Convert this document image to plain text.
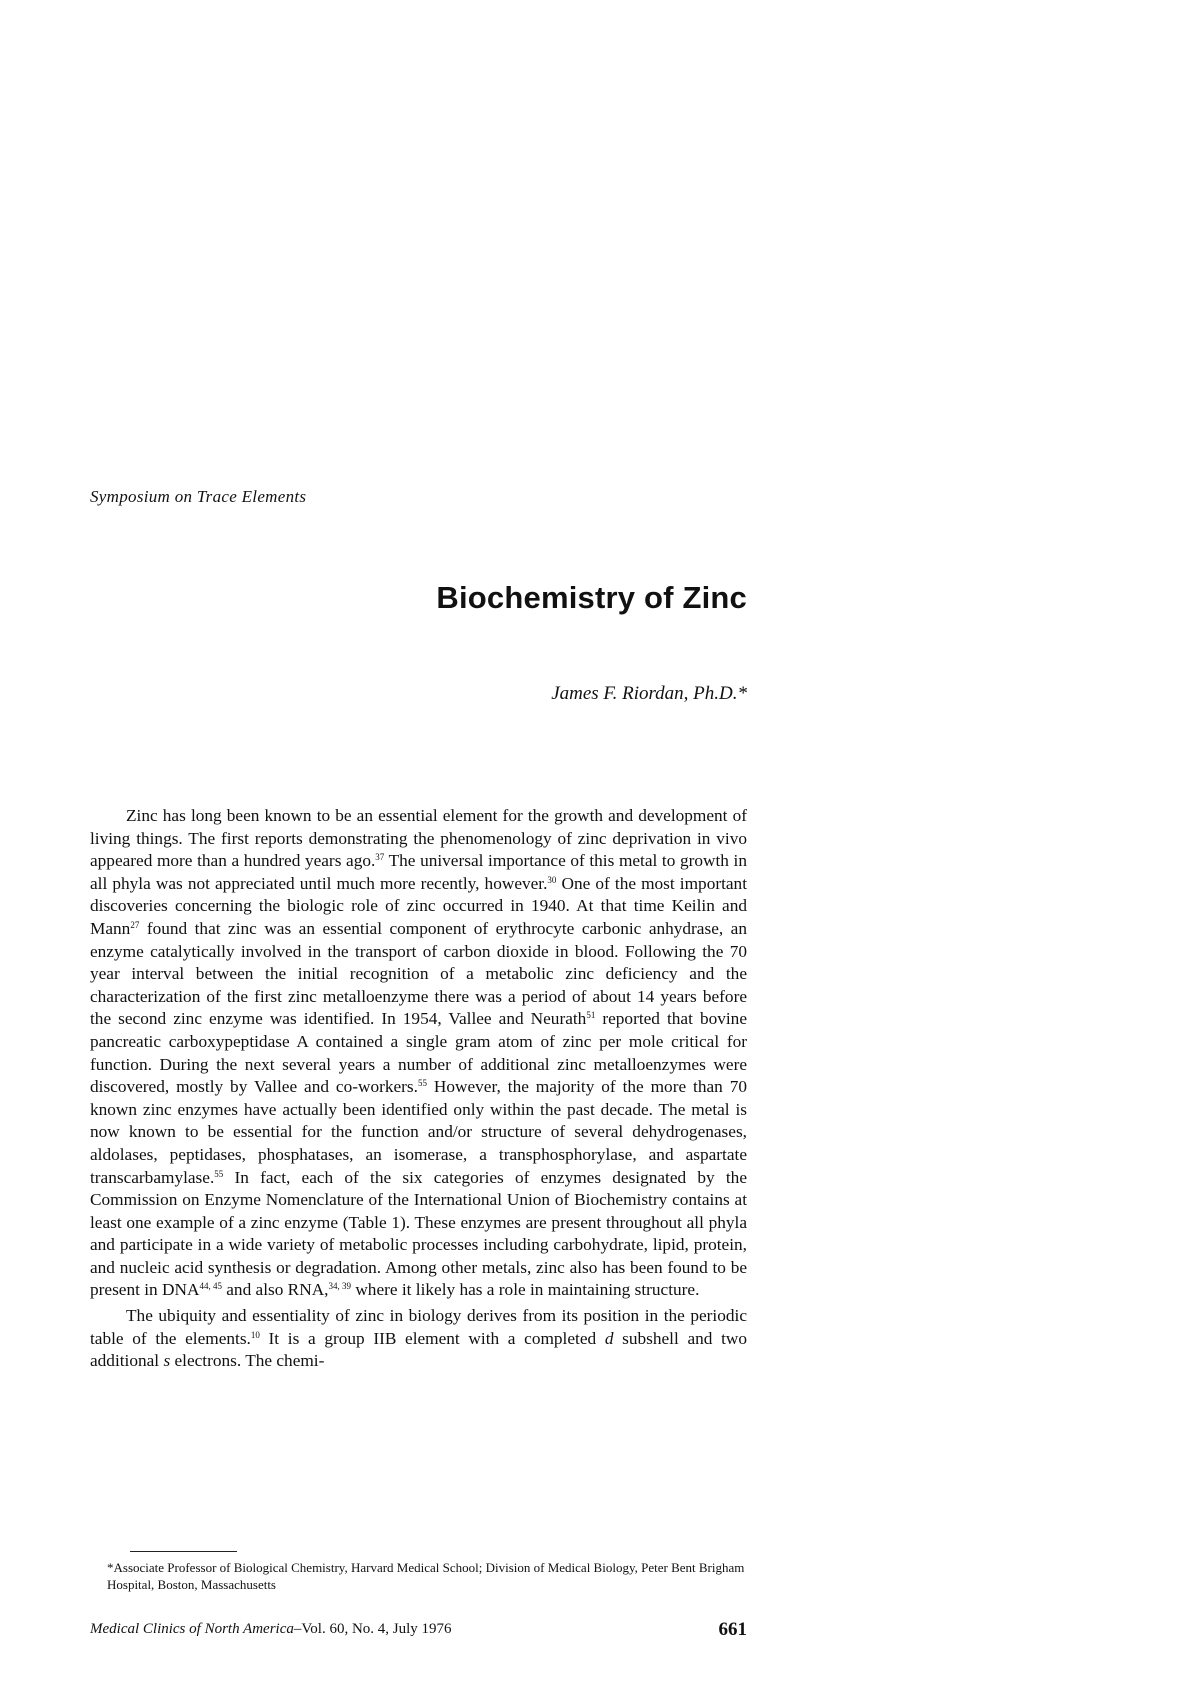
Symposium on Trace Elements
Biochemistry of Zinc
James F. Riordan, Ph.D.*

Zinc has long been known to be an essential element for the growth and development of living things. The first reports demonstrating the phenomenology of zinc deprivation in vivo appeared more than a hundred years ago.$^{37}$ The universal importance of this metal to growth in all phyla was not appreciated until much more recently, however.$^{30}$ One of the most important discoveries concerning the biologic role of zinc occurred in 1940. At that time Keilin and Mann$^{27}$ found that zinc was an essential component of erythrocyte carbonic anhydrase, an enzyme catalytically involved in the transport of carbon dioxide in blood. Following the 70 year interval between the initial recognition of a metabolic zinc deficiency and the characterization of the first zinc metalloenzyme there was a period of about 14 years before the second zinc enzyme was identified. In 1954, Vallee and Neurath$^{51}$ reported that bovine pancreatic carboxypeptidase A contained a single gram atom of zinc per mole critical for function. During the next several years a number of additional zinc metalloenzymes were discovered, mostly by Vallee and co-workers.$^{55}$ However, the majority of the more than 70 known zinc enzymes have actually been identified only within the past decade. The metal is now known to be essential for the function and/or structure of several dehydrogenases, aldolases, peptidases, phosphatases, an isomerase, a transphosphorylase, and aspartate transcarbamylase.$^{55}$ In fact, each of the six categories of enzymes designated by the Commission on Enzyme Nomenclature of the International Union of Biochemistry contains at least one example of a zinc enzyme (Table 1). These enzymes are present throughout all phyla and participate in a wide variety of metabolic processes including carbohydrate, lipid, protein, and nucleic acid synthesis or degradation. Among other metals, zinc also has been found to be present in DNA$^{44, 45}$ and also RNA,$^{34, 39}$ where it likely has a role in maintaining structure.

The ubiquity and essentiality of zinc in biology derives from its position in the periodic table of the elements.$^{10}$ It is a group IIB element with a completed d subshell and two additional s electrons. The chemi-

*Associate Professor of Biological Chemistry, Harvard Medical School; Division of Medical Biology, Peter Bent Brigham Hospital, Boston, Massachusetts
Medical Clinics of North America–Vol. 60, No. 4, July 1976	661
